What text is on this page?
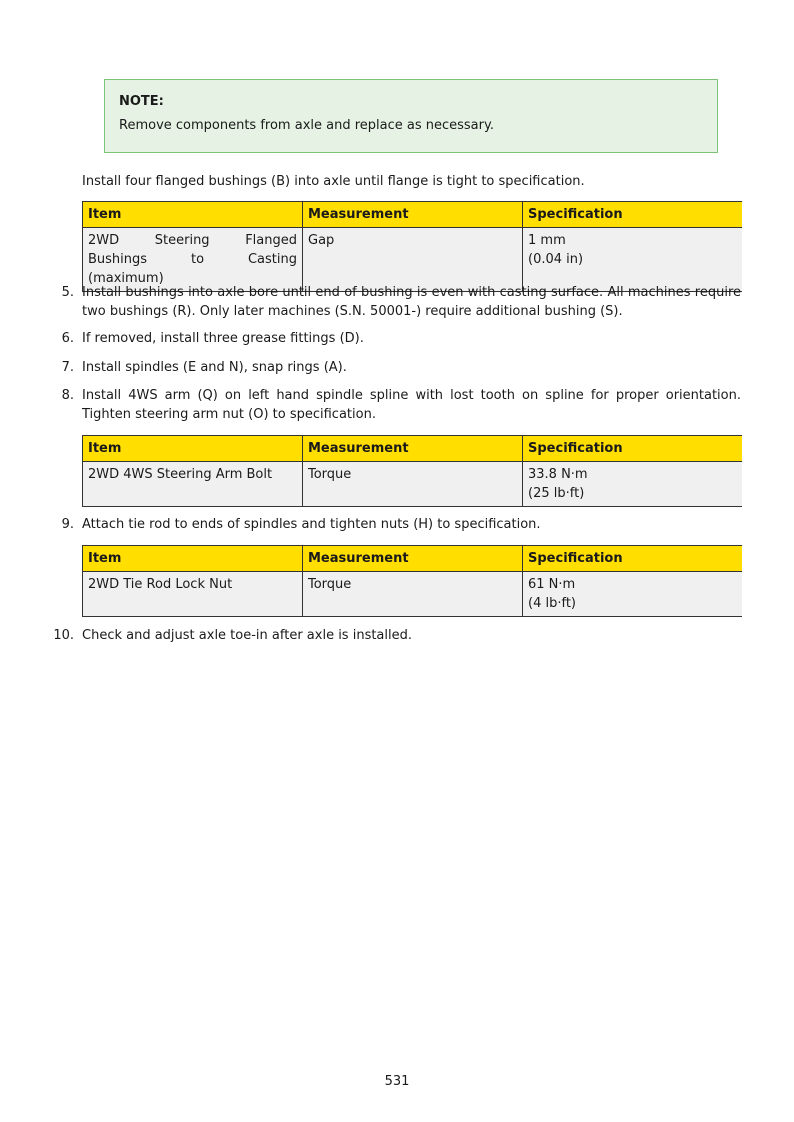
NOTE:
Remove components from axle and replace as necessary.
Install four flanged bushings (B) into axle until flange is tight to specification.
Item	Measurement	Specification
2WD Steering Flanged Bushings to Casting (maximum)	Gap	1 mm
(0.04 in)
5. Install bushings into axle bore until end of bushing is even with casting surface. All machines require two bushings (R). Only later machines (S.N. 50001-) require additional bushing (S).
6. If removed, install three grease fittings (D).
7. Install spindles (E and N), snap rings (A).
8. Install 4WS arm (Q) on left hand spindle spline with lost tooth on spline for proper orientation. Tighten steering arm nut (O) to specification.
Item	Measurement	Specification
2WD 4WS Steering Arm Bolt	Torque	33.8 N·m
(25 lb·ft)
9. Attach tie rod to ends of spindles and tighten nuts (H) to specification.
Item	Measurement	Specification
2WD Tie Rod Lock Nut	Torque	61 N·m
(4 lb·ft)
10. Check and adjust axle toe-in after axle is installed.
531
